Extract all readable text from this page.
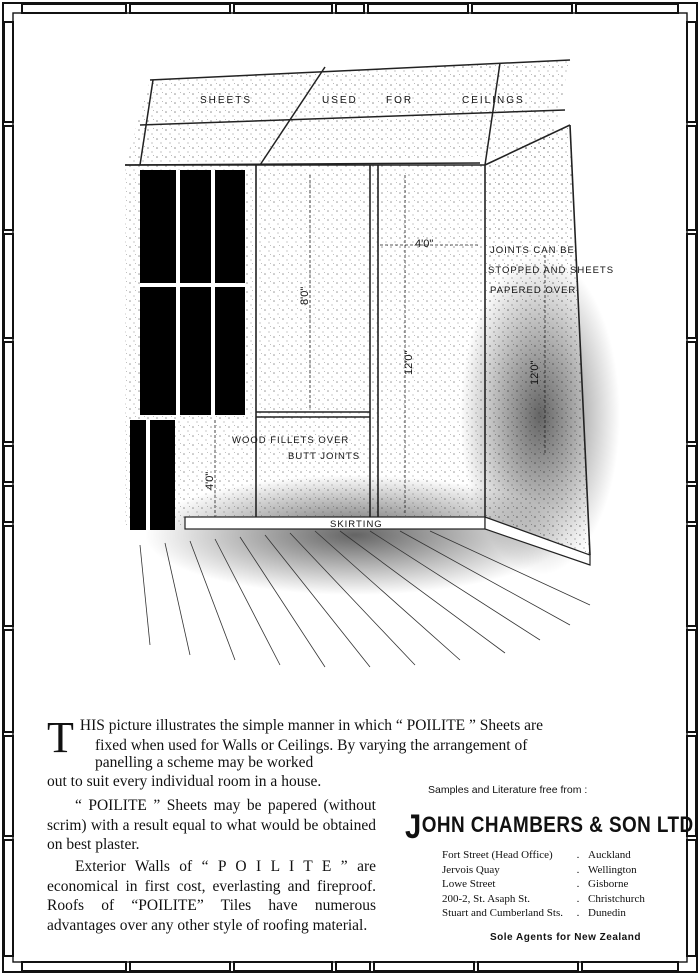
4'0"
8'0"
12'0"	12'0"
4'0"
SKIRTING
SHEETS	USED	FOR	CEILINGS
JOINTS CAN BE
STOPPED AND SHEETS
PAPERED OVER
WOOD FILLETS OVER
BUTT JOINTS
T HIS picture illustrates the simple manner in which “ POILITE ” Sheets are
fixed when used for Walls or Ceilings. By varying the arrangement of
panelling a scheme may be worked
out to suit every individual room in a house.
“ POILITE ” Sheets may be papered (without scrim) with a result equal to what would be obtained on best plaster.
Exterior Walls of “ P O I L I T E ” are economical in first cost, everlasting and fireproof. Roofs of “POILITE” Tiles have numerous advantages over any other style of roofing material.
Samples and Literature free from :
JOHN CHAMBERS & SON LTD.
Fort Street (Head Office)	.	Auckland
Jervois Quay	.	Wellington
Lowe Street	.	Gisborne
200-2, St. Asaph St.	.	Christchurch
Stuart and Cumberland Sts.	.	Dunedin
Sole Agents for New Zealand
